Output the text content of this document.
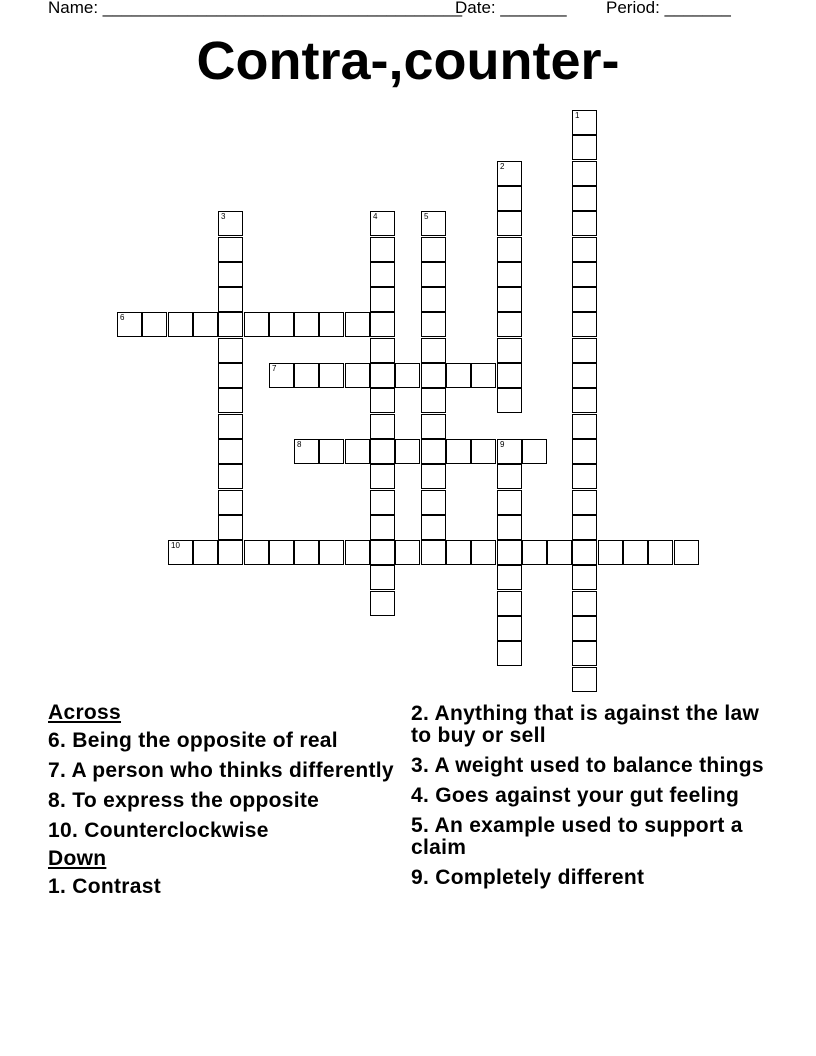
Name: ______________________________________
Date: _______ Period: _______
Contra-,counter-
1
2
3	4	5
6
7
8	9
10
Across
6. Being the opposite of real
7. A person who thinks differently
8. To express the opposite
10. Counterclockwise
Down
1. Contrast
2. Anything that is against the law to buy or sell
3. A weight used to balance things
4. Goes against your gut feeling
5. An example used to support a claim
9. Completely different
